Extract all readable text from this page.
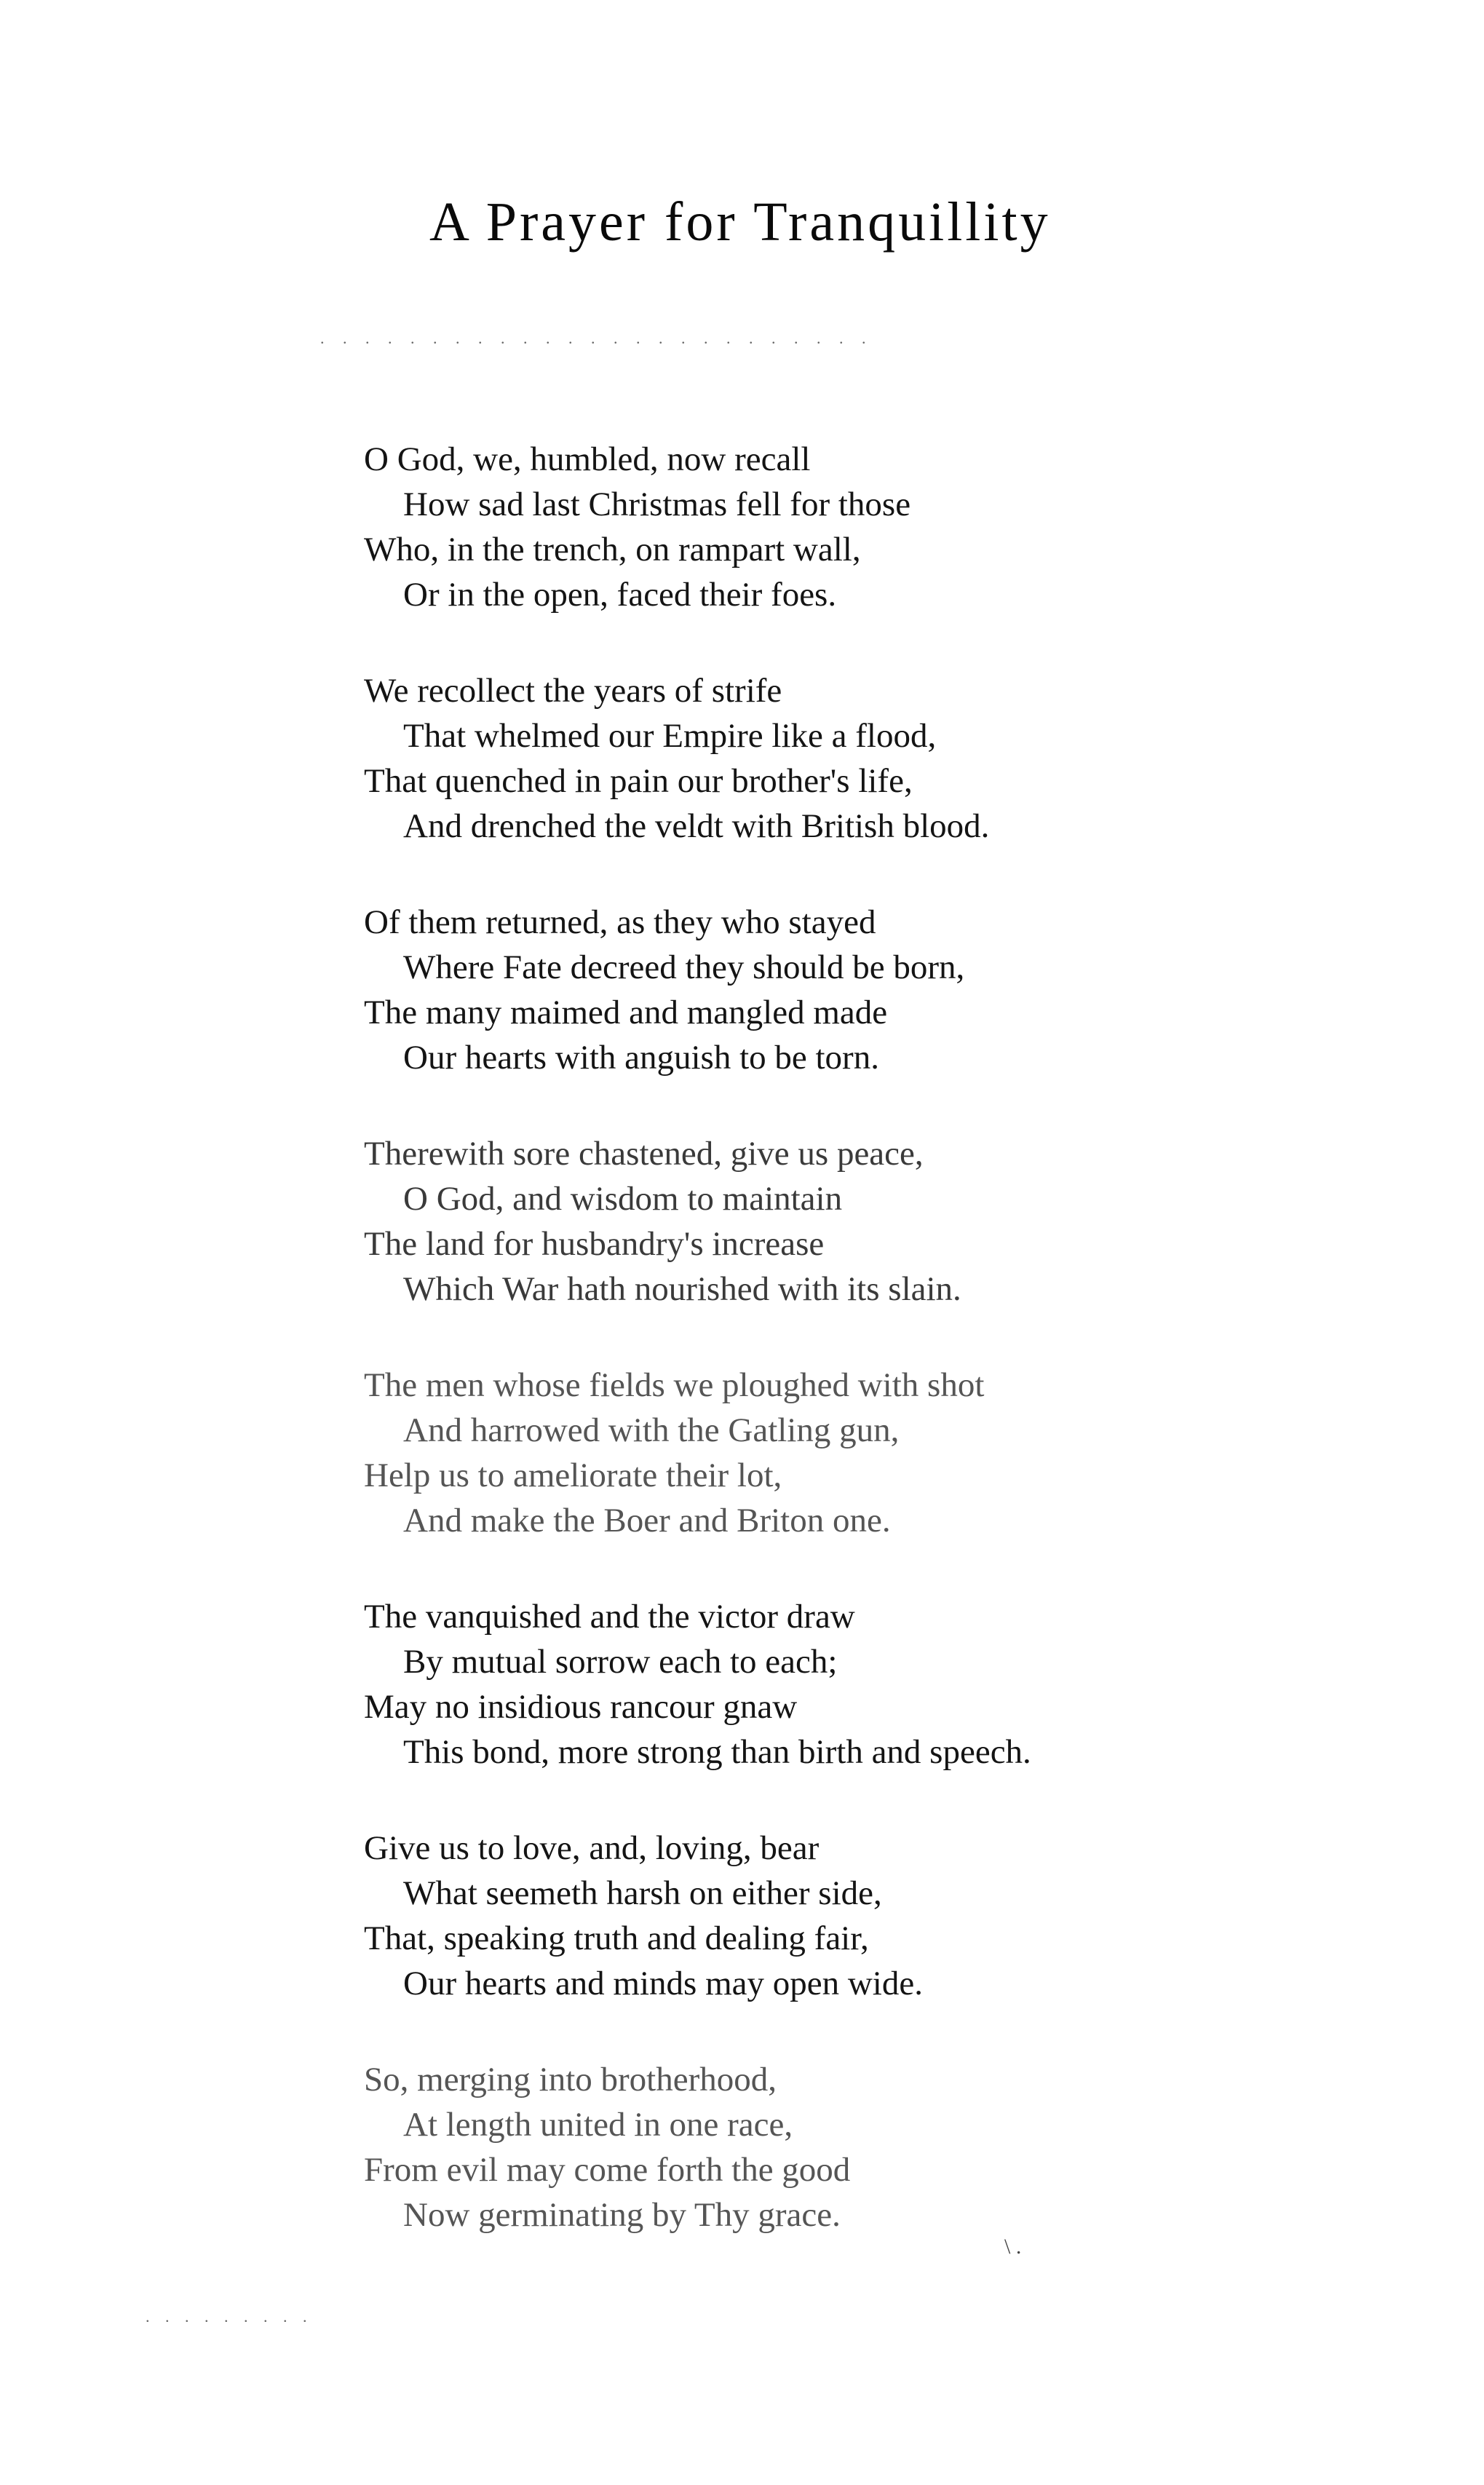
A Prayer for Tranquillity
. . . . . . . . . . . . . . . . . . . . . . . . .
O God, we, humbled, now recall
How sad last Christmas fell for those
Who, in the trench, on rampart wall,
Or in the open, faced their foes.
We recollect the years of strife
That whelmed our Empire like a flood,
That quenched in pain our brother's life,
And drenched the veldt with British blood.
Of them returned, as they who stayed
Where Fate decreed they should be born,
The many maimed and mangled made
Our hearts with anguish to be torn.
Therewith sore chastened, give us peace,
O God, and wisdom to maintain
The land for husbandry's increase
Which War hath nourished with its slain.
The men whose fields we ploughed with shot
And harrowed with the Gatling gun,
Help us to ameliorate their lot,
And make the Boer and Briton one.
The vanquished and the victor draw
By mutual sorrow each to each;
May no insidious rancour gnaw
This bond, more strong than birth and speech.
Give us to love, and, loving, bear
What seemeth harsh on either side,
That, speaking truth and dealing fair,
Our hearts and minds may open wide.
So, merging into brotherhood,
At length united in one race,
From evil may come forth the good
Now germinating by Thy grace.
\ .
. . . . . . . . .
